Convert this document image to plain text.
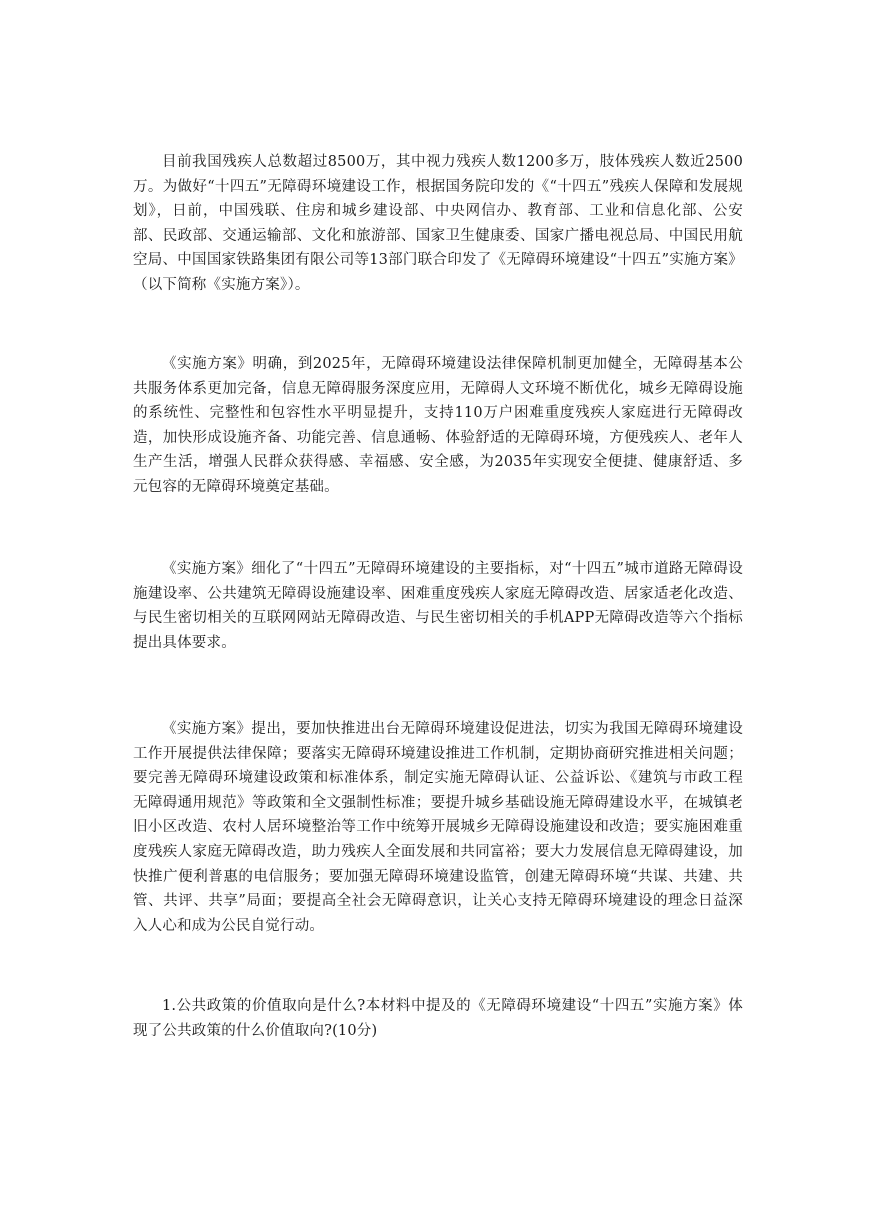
目前我国残疾人总数超过8500万，其中视力残疾人数1200多万，肢体残疾人数近2500万。为做好“十四五”无障碍环境建设工作，根据国务院印发的《“十四五”残疾人保障和发展规划》，日前，中国残联、住房和城乡建设部、中央网信办、教育部、工业和信息化部、公安部、民政部、交通运输部、文化和旅游部、国家卫生健康委、国家广播电视总局、中国民用航空局、中国国家铁路集团有限公司等13部门联合印发了《无障碍环境建设“十四五”实施方案》（以下简称《实施方案》）。

《实施方案》明确，到2025年，无障碍环境建设法律保障机制更加健全，无障碍基本公共服务体系更加完备，信息无障碍服务深度应用，无障碍人文环境不断优化，城乡无障碍设施的系统性、完整性和包容性水平明显提升，支持110万户困难重度残疾人家庭进行无障碍改造，加快形成设施齐备、功能完善、信息通畅、体验舒适的无障碍环境，方便残疾人、老年人生产生活，增强人民群众获得感、幸福感、安全感，为2035年实现安全便捷、健康舒适、多元包容的无障碍环境奠定基础。

《实施方案》细化了“十四五”无障碍环境建设的主要指标，对“十四五”城市道路无障碍设施建设率、公共建筑无障碍设施建设率、困难重度残疾人家庭无障碍改造、居家适老化改造、与民生密切相关的互联网网站无障碍改造、与民生密切相关的手机APP无障碍改造等六个指标提出具体要求。

《实施方案》提出，要加快推进出台无障碍环境建设促进法，切实为我国无障碍环境建设工作开展提供法律保障；要落实无障碍环境建设推进工作机制，定期协商研究推进相关问题；要完善无障碍环境建设政策和标准体系，制定实施无障碍认证、公益诉讼、《建筑与市政工程无障碍通用规范》等政策和全文强制性标准；要提升城乡基础设施无障碍建设水平，在城镇老旧小区改造、农村人居环境整治等工作中统筹开展城乡无障碍设施建设和改造；要实施困难重度残疾人家庭无障碍改造，助力残疾人全面发展和共同富裕；要大力发展信息无障碍建设，加快推广便利普惠的电信服务；要加强无障碍环境建设监管，创建无障碍环境“共谋、共建、共管、共评、共享”局面；要提高全社会无障碍意识，让关心支持无障碍环境建设的理念日益深入人心和成为公民自觉行动。

1.公共政策的价值取向是什么?本材料中提及的《无障碍环境建设“十四五”实施方案》体现了公共政策的什么价值取向?(10分)
